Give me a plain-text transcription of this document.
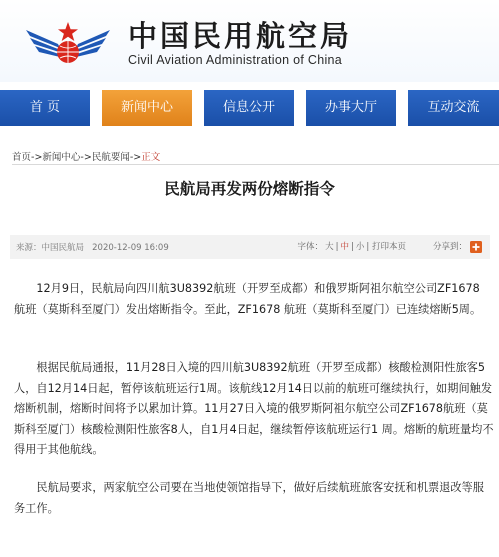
中国民用航空局
Civil Aviation Administration of China
首 页	新闻中心	信息公开	办事大厅	互动交流
首页->新闻中心->民航要闻->正文
民航局再发两份熔断指令
来源：中国民航局 2020-12-09 16:09	字体： 大 | 中 | 小 | 打印本页	分享到：

12月9日，民航局向四川航3U8392航班（开罗至成都）和俄罗斯阿祖尔航空公司ZF1678 航班（莫斯科至厦门）发出熔断指令。至此，ZF1678 航班（莫斯科至厦门）已连续熔断5周。

根据民航局通报，11月28日入境的四川航3U8392航班（开罗至成都）核酸检测阳性旅客5人，自12月14日起，暂停该航班运行1周。该航线12月14日以前的航班可继续执行，如期间触发熔断机制，熔断时间将予以累加计算。11月27日入境的俄罗斯阿祖尔航空公司ZF1678航班（莫斯科至厦门）核酸检测阳性旅客8人，自1月4日起，继续暂停该航班运行1 周。熔断的航班量均不得用于其他航线。

民航局要求，两家航空公司要在当地使领馆指导下，做好后续航班旅客安抚和机票退改等服务工作。
